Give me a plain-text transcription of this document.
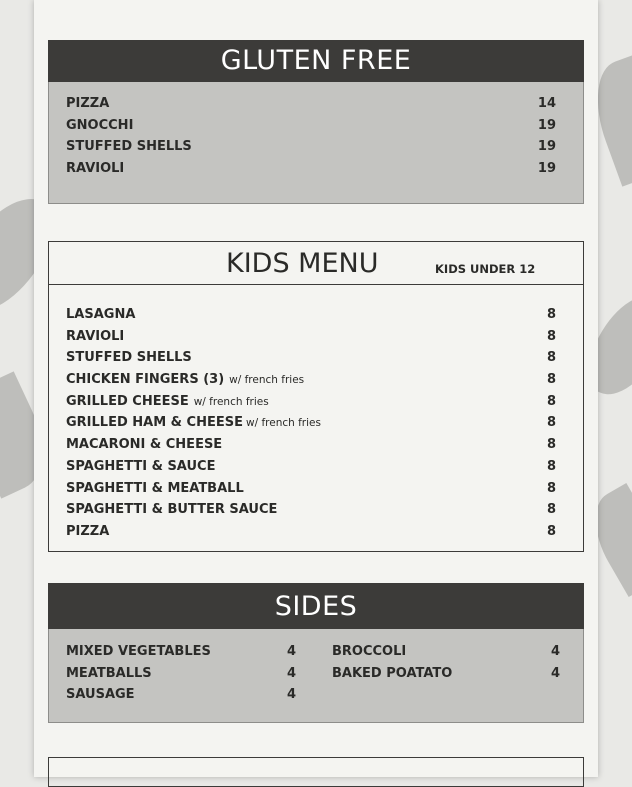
GLUTEN FREE
PIZZA	14
GNOCCHI	19
STUFFED SHELLS	19
RAVIOLI	19
KIDS MENU	KIDS UNDER 12
LASAGNA	8
RAVIOLI	8
STUFFED SHELLS	8
CHICKEN FINGERS (3) w/ french fries	8
GRILLED CHEESE w/ french fries	8
GRILLED HAM & CHEESE w/ french fries	8
MACARONI & CHEESE	8
SPAGHETTI & SAUCE	8
SPAGHETTI & MEATBALL	8
SPAGHETTI & BUTTER SAUCE	8
PIZZA	8
SIDES
MIXED VEGETABLES	4
MEATBALLS	4
SAUSAGE	4
BROCCOLI	4
BAKED POATATO	4
